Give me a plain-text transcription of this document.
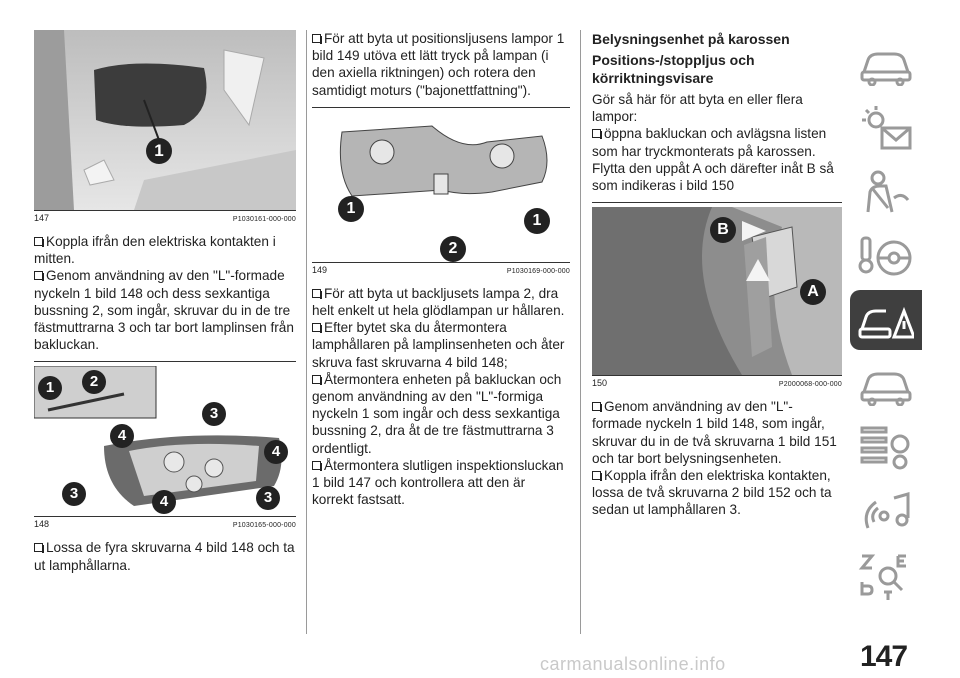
1
147	P1030161-000-000

Koppla ifrån den elektriska kontakten i mitten.

Genom användning av den "L"-formade nyckeln 1 bild 148 och dess sexkantiga bussning 2, som ingår, skruvar du in de tre fästmuttrarna 3 och tar bort lamplinsen från bakluckan.

1	2
3
4
4
3	4	3
148	P1030165-000-000

Lossa de fyra skruvarna 4 bild 148 och ta ut lamphållarna.

För att byta ut positionsljusens lampor 1 bild 149 utöva ett lätt tryck på lampan (i den axiella riktningen) och rotera den samtidigt moturs ("bajonettfattning").

1
2
1
149	P1030169-000-000

För att byta ut backljusets lampa 2, dra helt enkelt ut hela glödlampan ur hållaren.

Efter bytet ska du återmontera lamphållaren på lamplinsenheten och åter skruva fast skruvarna 4 bild 148;

Återmontera enheten på bakluckan och genom användning av den "L"-formiga nyckeln 1 som ingår och dess sexkantiga bussning 2, dra åt de tre fästmuttrarna 3 ordentligt.

Återmontera slutligen inspektionsluckan 1 bild 147 och kontrollera att den är korrekt fastsatt.

Belysningsenhet på karossen
Positions-/stoppljus och körriktningsvisare

Gör så här för att byta en eller flera lampor:

öppna bakluckan och avlägsna listen som har tryckmonterats på karossen. Flytta den uppåt A och därefter inåt B så som indikeras i bild 150

B
A
150	P2000068-000-000

Genom användning av den "L"-formade nyckeln 1 bild 148, som ingår, skruvar du in de två skruvarna 1 bild 151 och tar bort belysningsenheten.

Koppla ifrån den elektriska kontakten, lossa de två skruvarna 2 bild 152 och ta sedan ut lamphållaren 3.

147
carmanualsonline.info
